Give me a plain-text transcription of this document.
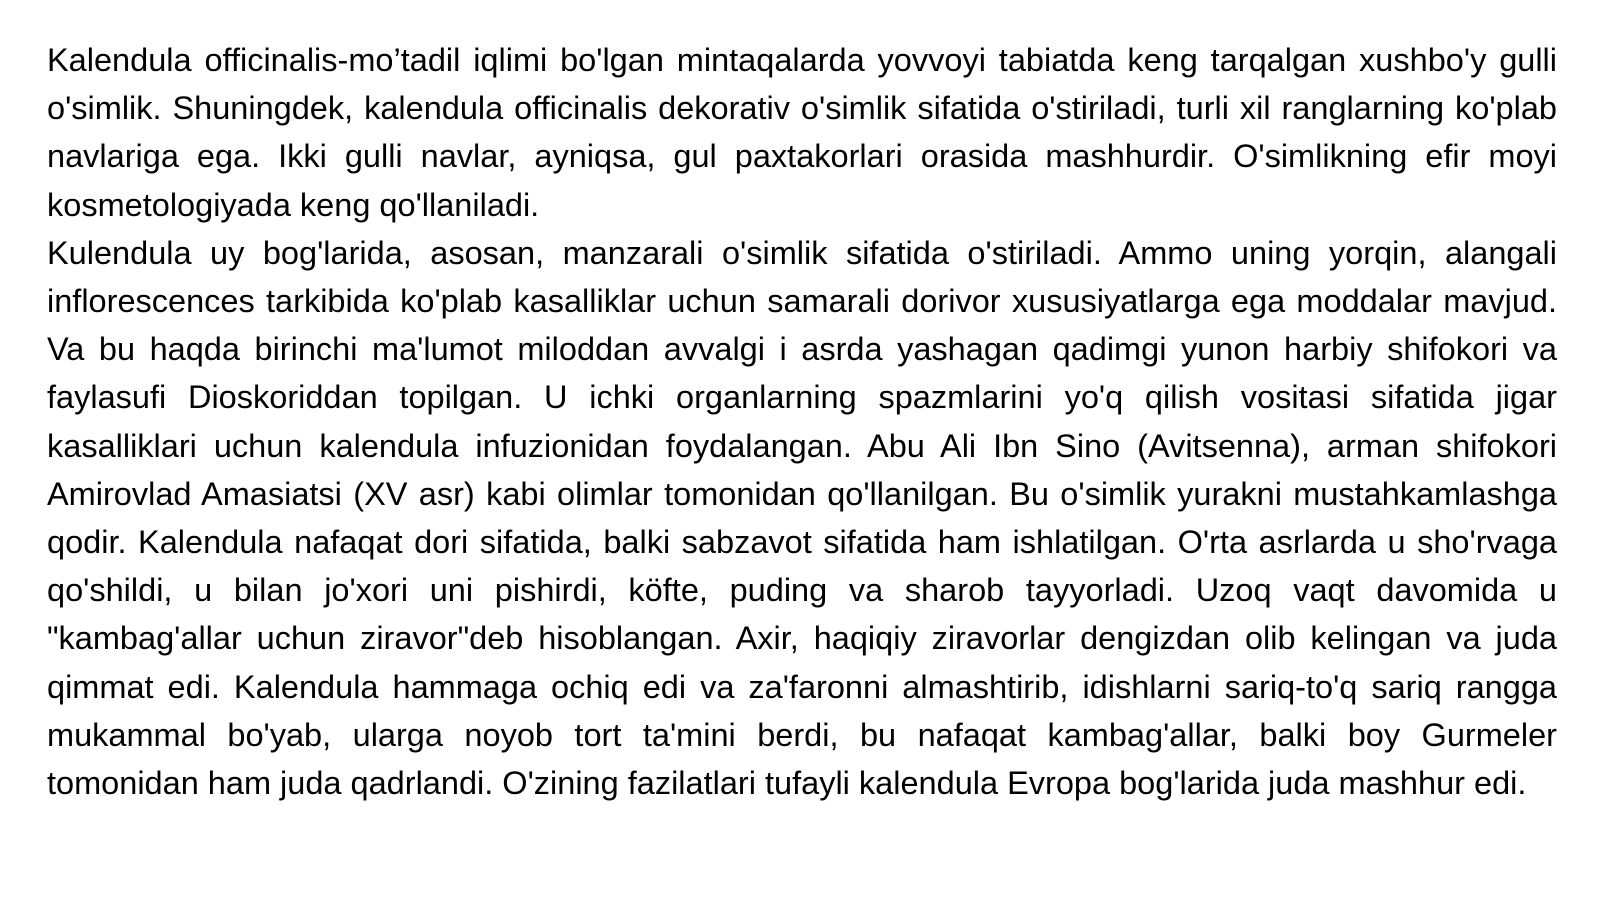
Kalendula officinalis-mo’tadil iqlimi bo'lgan mintaqalarda yovvoyi tabiatda keng tarqalgan xushbo'y gulli o'simlik. Shuningdek, kalendula officinalis dekorativ o'simlik sifatida o'stiriladi, turli xil ranglarning ko'plab navlariga ega. Ikki gulli navlar, ayniqsa, gul paxtakorlari orasida mashhurdir. O'simlikning efir moyi kosmetologiyada keng qo'llaniladi.

Kulendula uy bog'larida, asosan, manzarali o'simlik sifatida o'stiriladi. Ammo uning yorqin, alangali inflorescences tarkibida ko'plab kasalliklar uchun samarali dorivor xususiyatlarga ega moddalar mavjud. Va bu haqda birinchi ma'lumot miloddan avvalgi i asrda yashagan qadimgi yunon harbiy shifokori va faylasufi Dioskoriddan topilgan. U ichki organlarning spazmlarini yo'q qilish vositasi sifatida jigar kasalliklari uchun kalendula infuzionidan foydalangan. Abu Ali Ibn Sino (Avitsenna), arman shifokori Amirovlad Amasiatsi (XV asr) kabi olimlar tomonidan qo'llanilgan. Bu o'simlik yurakni mustahkamlashga qodir. Kalendula nafaqat dori sifatida, balki sabzavot sifatida ham ishlatilgan. O'rta asrlarda u sho'rvaga qo'shildi, u bilan jo'xori uni pishirdi, köfte, puding va sharob tayyorladi. Uzoq vaqt davomida u "kambag'allar uchun ziravor"deb hisoblangan. Axir, haqiqiy ziravorlar dengizdan olib kelingan va juda qimmat edi. Kalendula hammaga ochiq edi va za'faronni almashtirib, idishlarni sariq-to'q sariq rangga mukammal bo'yab, ularga noyob tort ta'mini berdi, bu nafaqat kambag'allar, balki boy Gurmeler tomonidan ham juda qadrlandi. O'zining fazilatlari tufayli kalendula Evropa bog'larida juda mashhur edi.
